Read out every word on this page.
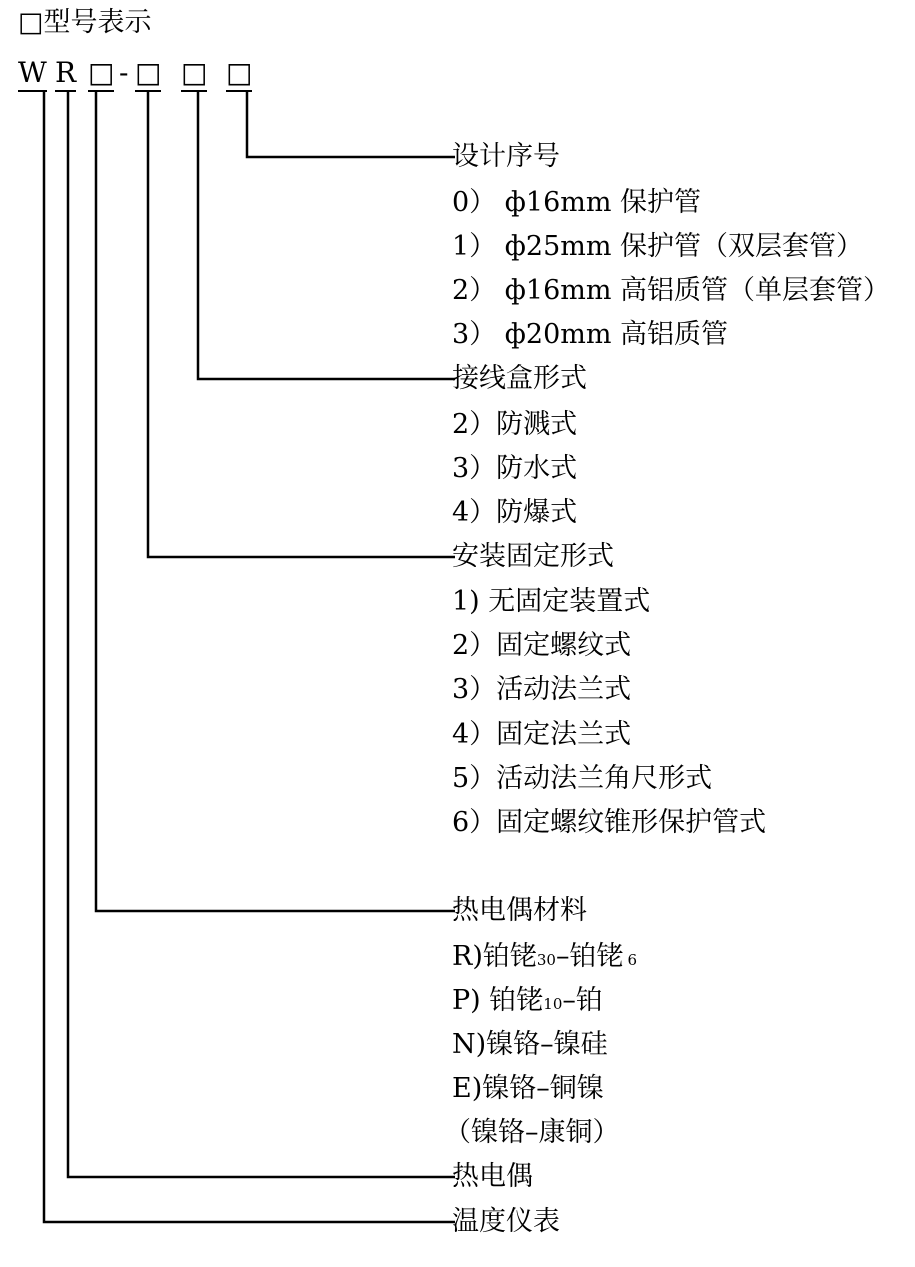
□型号表示
W R □ - □ □ □
设计序号
0） ф16mm 保护管
1） ф25mm 保护管（双层套管）
2） ф16mm 高铝质管（单层套管）
3） ф20mm 高铝质管
接线盒形式
2）防溅式
3）防水式
4）防爆式
安装固定形式
1) 无固定装置式
2）固定螺纹式
3）活动法兰式
4）固定法兰式
5）活动法兰角尺形式
6）固定螺纹锥形保护管式
热电偶材料
R)铂铑30–铂铑 6
P) 铂铑10–铂
N)镍铬–镍硅
E)镍铬–铜镍
（镍铬–康铜）
热电偶
温度仪表
